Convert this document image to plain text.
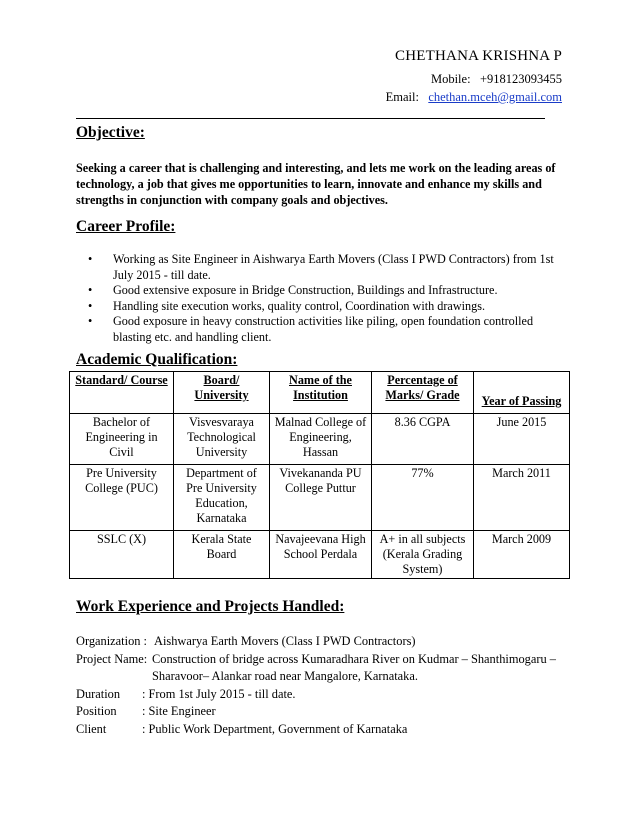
CHETHANA KRISHNA P
Mobile: +918123093455
Email: chethan.mceh@gmail.com
Objective:
Seeking a career that is challenging and interesting, and lets me work on the leading areas of technology, a job that gives me opportunities to learn, innovate and enhance my skills and strengths in conjunction with company goals and objectives.
Career Profile:
• Working as Site Engineer in Aishwarya Earth Movers (Class I PWD Contractors) from 1st July 2015 - till date.
• Good extensive exposure in Bridge Construction, Buildings and Infrastructure.
• Handling site execution works, quality control, Coordination with drawings.
• Good exposure in heavy construction activities like piling, open foundation controlled blasting etc. and handling client.
Academic Qualification:
Standard/ Course	Board/ University	Name of the Institution	Percentage of Marks/ Grade	Year of Passing
Bachelor of Engineering in Civil	Visvesvaraya Technological University	Malnad College of Engineering, Hassan	8.36 CGPA	June 2015
Pre University College (PUC)	Department of Pre University Education, Karnataka	Vivekananda PU College Puttur	77%	March 2011
SSLC (X)	Kerala State Board	Navajeevana High School Perdala	A+ in all subjects (Kerala Grading System)	March 2009
Work Experience and Projects Handled:
Organization : Aishwarya Earth Movers (Class I PWD Contractors)
Project Name: Construction of bridge across Kumaradhara River on Kudmar – Shanthimogaru –
Sharavoor– Alankar road near Mangalore, Karnataka.
Duration : From 1st July 2015 - till date.
Position : Site Engineer
Client	: Public Work Department, Government of Karnataka
